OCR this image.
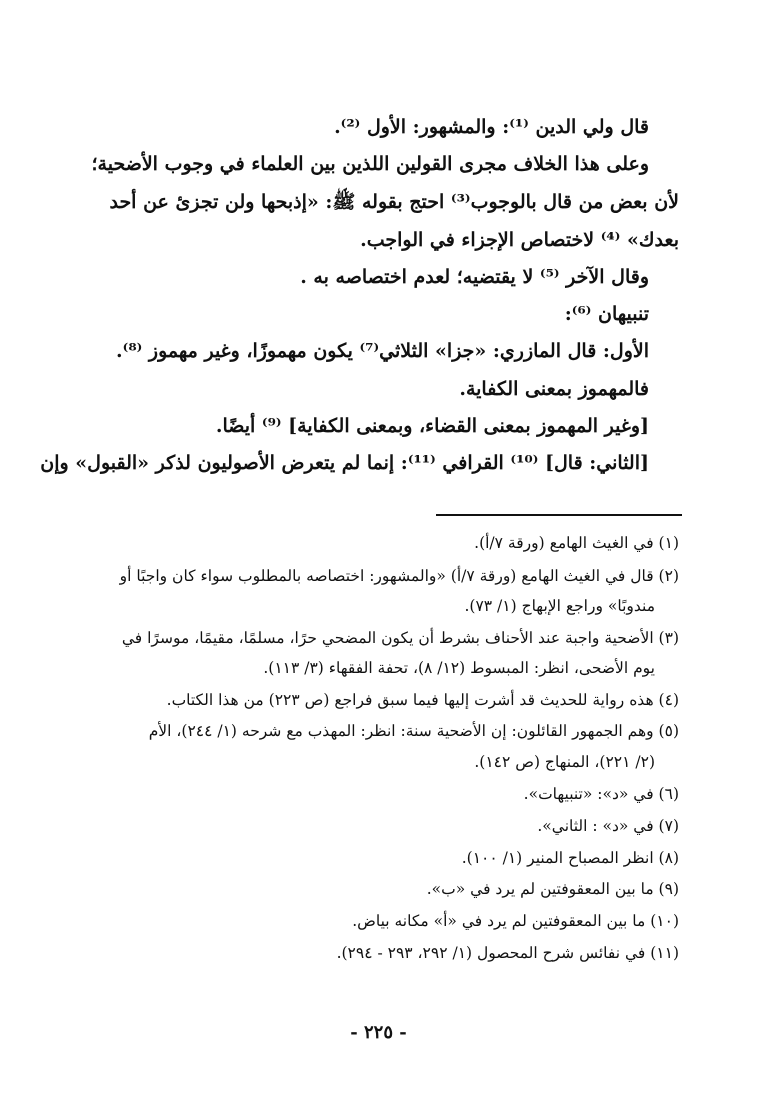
قال ولي الدين ⁽¹⁾: والمشهور: الأول ⁽²⁾.
وعلى هذا الخلاف مجرى القولين اللذين بين العلماء في وجوب الأضحية؛
لأن بعض من قال بالوجوب⁽³⁾ احتج بقوله ﷺ: «إذبحها ولن تجزئ عن أحد
بعدك» ⁽⁴⁾ لاختصاص الإجزاء في الواجب.
وقال الآخر ⁽⁵⁾ لا يقتضيه؛ لعدم اختصاصه به .
تنبيهان ⁽⁶⁾:
الأول: قال المازري: «جزا» الثلاثي⁽⁷⁾ يكون مهموزًا، وغير مهموز ⁽⁸⁾.
فالمهموز بمعنى الكفاية.
[وغير المهموز بمعنى القضاء، وبمعنى الكفاية] ⁽⁹⁾ أيضًا.
[الثاني: قال] ⁽¹⁰⁾ القرافي ⁽¹¹⁾: إنما لم يتعرض الأصوليون لذكر «القبول» وإن
(١) في الغيث الهامع (ورقة ٧/أ).
(٢) قال في الغيث الهامع (ورقة ٧/أ) «والمشهور: اختصاصه بالمطلوب سواء كان واجبًا أو
مندوبًا» وراجع الإبهاج (١/ ٧٣).
(٣) الأضحية واجبة عند الأحناف بشرط أن يكون المضحي حرًا، مسلمًا، مقيمًا، موسرًا في
يوم الأضحى، انظر: المبسوط (١٢/ ٨)، تحفة الفقهاء (٣/ ١١٣).
(٤) هذه رواية للحديث قد أشرت إليها فيما سبق فراجع (ص ٢٢٣) من هذا الكتاب.
(٥) وهم الجمهور القائلون: إن الأضحية سنة: انظر: المهذب مع شرحه (١/ ٢٤٤)، الأم
(٢/ ٢٢١)، المنهاج (ص ١٤٢).
(٦) في «د»: «تنبيهات».
(٧) في «د» : الثاني».
(٨) انظر المصباح المنير (١/ ١٠٠).
(٩) ما بين المعقوفتين لم يرد في «ب».
(١٠) ما بين المعقوفتين لم يرد في «أ» مكانه بياض.
(١١) في نفائس شرح المحصول (١/ ٢٩٢، ٢٩٣ - ٢٩٤).
- ٢٢٥ -
